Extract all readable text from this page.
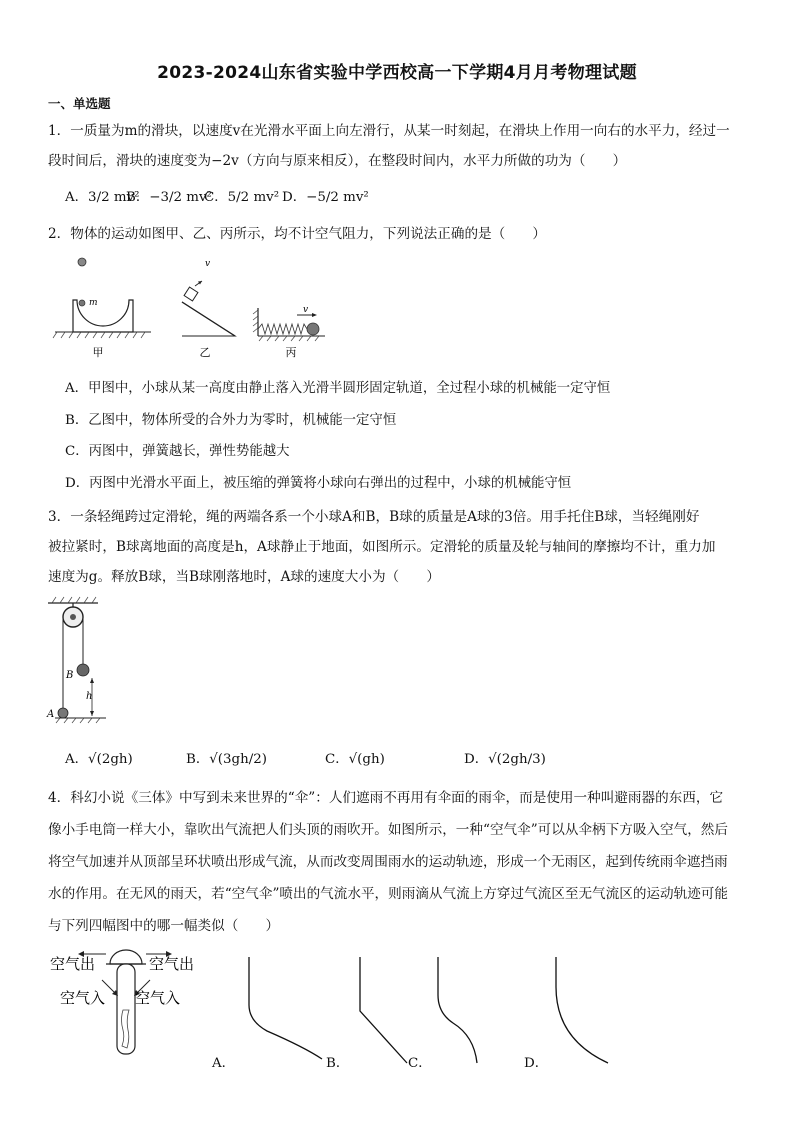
2023-2024山东省实验中学西校高一下学期4月月考物理试题
一、单选题
1．一质量为m的滑块，以速度v在光滑水平面上向左滑行，从某一时刻起，在滑块上作用一向右的水平力，经过一
段时间后，滑块的速度变为−2v（方向与原来相反），在整段时间内，水平力所做的功为（　　）
A．3/2 mv²
B．−3/2 mv²
C．5/2 mv² D．−5/2 mv²
2．物体的运动如图甲、乙、丙所示，均不计空气阻力，下列说法正确的是（　　）
m
甲
v
乙
v
丙
A．甲图中，小球从某一高度由静止落入光滑半圆形固定轨道，全过程小球的机械能一定守恒
B．乙图中，物体所受的合外力为零时，机械能一定守恒
C．丙图中，弹簧越长，弹性势能越大
D．丙图中光滑水平面上，被压缩的弹簧将小球向右弹出的过程中，小球的机械能守恒
3．一条轻绳跨过定滑轮，绳的两端各系一个小球A和B，B球的质量是A球的3倍。用手托住B球，当轻绳刚好
被拉紧时，B球离地面的高度是h，A球静止于地面，如图所示。定滑轮的质量及轮与轴间的摩擦均不计，重力加
速度为g。释放B球，当B球刚落地时，A球的速度大小为（　　）
B
A
h
A．√(2gh)	B．√(3gh/2)	C．√(gh)	D．√(2gh/3)
4．科幻小说《三体》中写到未来世界的“伞”：人们遮雨不再用有伞面的雨伞，而是使用一种叫避雨器的东西，它
像小手电筒一样大小，靠吹出气流把人们头顶的雨吹开。如图所示，一种“空气伞”可以从伞柄下方吸入空气，然后
将空气加速并从顶部呈环状喷出形成气流，从而改变周围雨水的运动轨迹，形成一个无雨区，起到传统雨伞遮挡雨
水的作用。在无风的雨天，若“空气伞”喷出的气流水平，则雨滴从气流上方穿过气流区至无气流区的运动轨迹可能
与下列四幅图中的哪一幅类似（　　）
空气出	空气出
空气入 空气入
A．	B．	C．	D．
